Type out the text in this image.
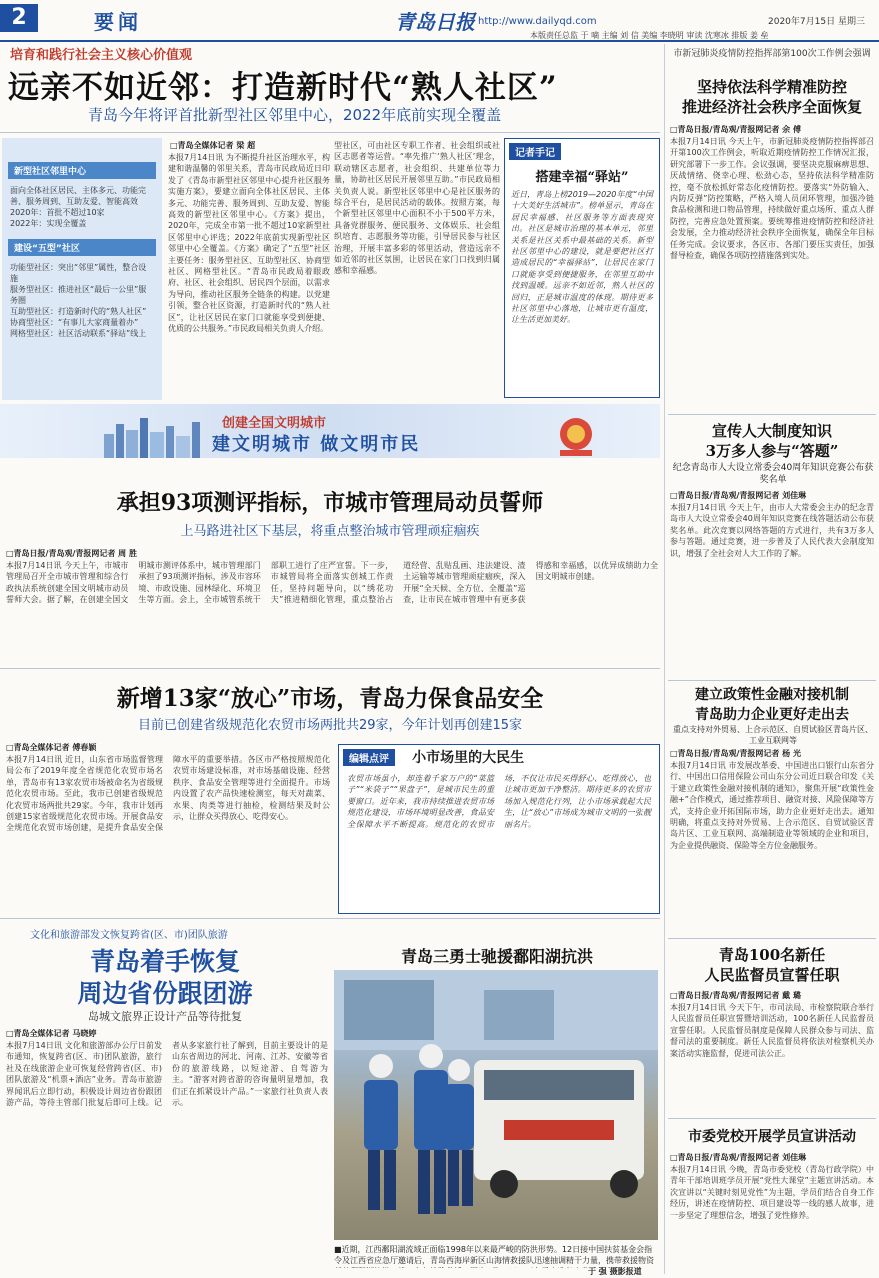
2	要闻	青岛日报 http://www.dailyqd.com	2020年7月15日 星期三
本版责任总监 于 嘀 主编 刘 信 美编 李晓明 审读 沈寒冰 排版 姜 垒
培育和践行社会主义核心价值观
远亲不如近邻：打造新时代“熟人社区”
青岛今年将评首批新型社区邻里中心，2022年底前实现全覆盖
新型社区邻里中心
面向全体社区居民、主体多元、功能完善、服务周到、互助友爱、智能高效
2020年：首批不超过10家
2022年：实现全覆盖
建设“五型”社区
功能型社区：突出“邻里”属性，整合设施
服务型社区：推进社区“最后一公里”服务圈
互助型社区：打造新时代的“熟人社区”
协商型社区：“有事儿大家商量着办”
网格型社区：社区活动联系“驿站”线上
□青岛全媒体记者 梁 超
本报7月14日讯 为不断提升社区治理水平，构建和谐温馨的邻里关系，青岛市民政局近日印发了《青岛市新型社区邻里中心提升社区服务实施方案》，要建立面向全体社区居民、主体多元、功能完善、服务周到、互助友爱、智能高效的新型社区邻里中心。《方案》提出，2020年，完成全市第一批不超过10家新型社区邻里中心评选；2022年底前实现新型社区邻里中心全覆盖。《方案》确定了“五型”社区主要任务：服务型社区、互助型社区、协商型社区、网格型社区。“青岛市民政局着眼政府、社区、社会组织、居民四个层面，以需求为导向，推动社区服务全链条的构建。以党建引领，整合社区资源，打造新时代的“熟人社区”，让社区居民在家门口就能享受到便捷、优质的公共服务。”市民政局相关负责人介绍。
型社区，可由社区专职工作者、社会组织或社区志愿者等运营。“率先推广‘熟人社区’理念，联动辖区志愿者，社会组织、共建单位等力量，协助社区居民开展邻里互助。”市民政局相关负责人说。新型社区邻里中心是社区服务的综合平台，是居民活动的载体。按照方案，每个新型社区邻里中心面积不小于500平方米，具备党群服务、便民服务、文体娱乐、社会组织培育、志愿服务等功能，引导居民参与社区治理，开展丰富多彩的邻里活动，营造远亲不如近邻的社区氛围，让居民在家门口找到归属感和幸福感。
记者手记
搭建幸福“驿站”
近日，青岛上榜2019—2020年度“中国十大美好生活城市”。榜单显示，青岛在居民幸福感、社区服务等方面表现突出。社区是城市治理的基本单元，邻里关系是社区关系中最基础的关系。新型社区邻里中心的建设，就是要把社区打造成居民的“幸福驿站”，让居民在家门口就能享受到便捷服务，在邻里互助中找到温暖。远亲不如近邻，熟人社区的回归，正是城市温度的体现。期待更多社区邻里中心落地，让城市更有温度，让生活更加美好。
创建全国文明城市
建文明城市 做文明市民
承担93项测评指标，市城市管理局动员誓师
上马路进社区下基层，将重点整治城市管理顽症痼疾
□青岛日报/青岛观/青报网记者 周 胜
本报7月14日讯 今天上午，市城市管理局召开全市城市管理和综合行政执法系统创建全国文明城市动员誓师大会。据了解，在创建全国文明城市测评体系中，城市管理部门承担了93项测评指标，涉及市容环境、市政设施、园林绿化、环境卫生等方面。会上，全市城管系统干部职工进行了庄严宣誓。下一步，市城管局将全面落实创城工作责任，坚持问题导向，以“绣花功夫”推进精细化管理，重点整治占道经营、乱贴乱画、违法建设、渣土运输等城市管理顽症痼疾，深入开展“全天候、全方位、全覆盖”巡查，让市民在城市管理中有更多获得感和幸福感，以优异成绩助力全国文明城市创建。
新增13家“放心”市场，青岛力保食品安全
目前已创建省级规范化农贸市场两批共29家，今年计划再创建15家
□青岛全媒体记者 傅春颖
本报7月14日讯 近日，山东省市场监督管理局公布了2019年度全省规范化农贸市场名单，青岛市有13家农贸市场被命名为省级规范化农贸市场。至此，我市已创建省级规范化农贸市场两批共29家。今年，我市计划再创建15家省级规范化农贸市场。开展食品安全规范化农贸市场创建，是提升食品安全保障水平的重要举措。各区市严格按照规范化农贸市场建设标准，对市场基础设施、经营秩序、食品安全管理等进行全面提升。市场内设置了农产品快速检测室，每天对蔬菜、水果、肉类等进行抽检，检测结果及时公示，让群众买得放心、吃得安心。
编辑点评 小市场里的大民生
农贸市场虽小，却连着千家万户的“菜篮子”“米袋子”“果盘子”，是城市民生的重要窗口。近年来，我市持续推进农贸市场规范化建设，市场环境明显改善，食品安全保障水平不断提高。规范化的农贸市场，不仅让市民买得舒心、吃得放心，也让城市更加干净整洁。期待更多的农贸市场加入规范化行列，让小市场承载起大民生，让“放心”市场成为城市文明的一张靓丽名片。
文化和旅游部发文恢复跨省(区、市)团队旅游
青岛着手恢复
周边省份跟团游
岛城文旅界正设计产品等待批复
□青岛全媒体记者 马晓婷
本报7月14日讯 文化和旅游部办公厅日前发布通知，恢复跨省(区、市)团队旅游，旅行社及在线旅游企业可恢复经营跨省(区、市)团队旅游及“机票+酒店”业务。青岛市旅游界闻讯后立即行动，积极设计周边省份跟团游产品，等待主管部门批复后即可上线。记者从多家旅行社了解到，目前主要设计的是山东省周边的河北、河南、江苏、安徽等省份的旅游线路，以短途游、自驾游为主。“游客对跨省游的咨询量明显增加，我们正在抓紧设计产品。”一家旅行社负责人表示。
青岛三勇士驰援鄱阳湖抗洪
■近期，江西鄱阳湖流域正面临1998年以来最严峻的防洪形势。12日接中国扶贫基金会指令及江西省应急厅邀请后，青岛西海岸新区山海情救援队迅速抽调精干力量，携带救援物资
于 强 摄影报道
市新冠肺炎疫情防控指挥部第100次工作例会强调
坚持依法科学精准防控
推进经济社会秩序全面恢复
□青岛日报/青岛观/青报网记者 余 傅
本报7月14日讯 今天上午，市新冠肺炎疫情防控指挥部召开第100次工作例会，听取近期疫情防控工作情况汇报，研究部署下一步工作。会议强调，要坚决克服麻痹思想、厌战情绪、侥幸心理、松劲心态，坚持依法科学精准防控，毫不放松抓好常态化疫情防控。要落实“外防输入、内防反弹”防控策略，严格入境人员闭环管理，加强冷链食品检测和进口物品管理，持续做好重点场所、重点人群防控，完善应急处置预案。要统筹推进疫情防控和经济社会发展，全力推动经济社会秩序全面恢复，确保全年目标任务完成。会议要求，各区市、各部门要压实责任，加强督导检查，确保各项防控措施落到实处。
宣传人大制度知识
3万多人参与“答题”
纪念青岛市人大设立常委会40周年知识竞赛公布获奖名单
□青岛日报/青岛观/青报网记者 刘佳琳
本报7月14日讯 今天上午，由市人大常委会主办的纪念青岛市人大设立常委会40周年知识竞赛在线答题活动公布获奖名单。此次竞赛以网络答题的方式进行，共有3万多人参与答题。通过竞赛，进一步普及了人民代表大会制度知识，增强了全社会对人大工作的了解。
建立政策性金融对接机制
青岛助力企业更好走出去
重点支持对外贸易、上合示范区、自贸试验区青岛片区、工业互联网等
□青岛日报/青岛观/青报网记者 杨 光
本报7月14日讯 市发展改革委、中国进出口银行山东省分行、中国出口信用保险公司山东分公司近日联合印发《关于建立政策性金融对接机制的通知》，聚焦开展“政策性金融+”合作模式，通过推荐项目、融资对接、风险保障等方式，支持企业开拓国际市场，助力企业更好走出去。通知明确，将重点支持对外贸易、上合示范区、自贸试验区青岛片区、工业互联网、高端制造业等领域的企业和项目，为企业提供融资、保险等全方位金融服务。
青岛100名新任
人民监督员宣誓任职
□青岛日报/青岛观/青报网记者 戴 璐
本报7月14日讯 今天下午，市司法局、市检察院联合举行人民监督员任职宣誓暨培训活动，100名新任人民监督员宣誓任职。人民监督员制度是保障人民群众参与司法、监督司法的重要制度。新任人民监督员将依法对检察机关办案活动实施监督，促进司法公正。
市委党校开展学员宣讲活动
□青岛日报/青岛观/青报网记者 刘佳琳
本报7月14日讯 今晚，青岛市委党校（青岛行政学院）中青年干部培训班学员开展“党性大课堂”主题宣讲活动。本次宣讲以“关键时刻见党性”为主题，学员们结合自身工作经历，讲述在疫情防控、项目建设等一线的感人故事，进一步坚定了理想信念，增强了党性修养。
